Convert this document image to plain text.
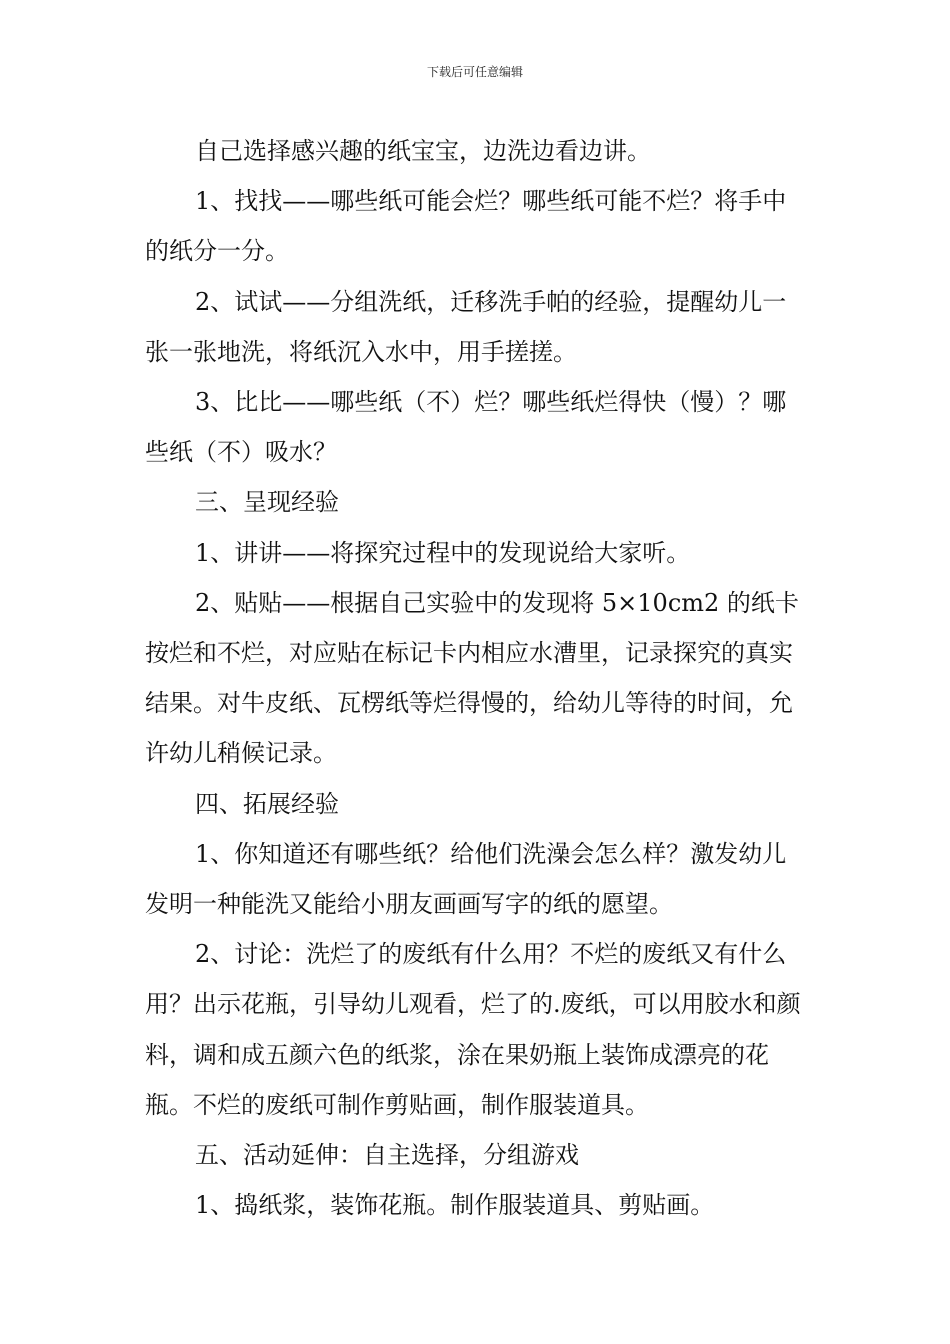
下载后可任意编辑

自己选择感兴趣的纸宝宝，边洗边看边讲。

1、找找——哪些纸可能会烂？哪些纸可能不烂？将手中的纸分一分。

2、试试——分组洗纸，迁移洗手帕的经验，提醒幼儿一张一张地洗，将纸沉入水中，用手搓搓。

3、比比——哪些纸（不）烂？哪些纸烂得快（慢）？哪些纸（不）吸水？

三、呈现经验

1、讲讲——将探究过程中的发现说给大家听。

2、贴贴——根据自己实验中的发现将 5×10cm2 的纸卡按烂和不烂，对应贴在标记卡内相应水漕里，记录探究的真实结果。对牛皮纸、瓦楞纸等烂得慢的，给幼儿等待的时间，允许幼儿稍候记录。

四、拓展经验

1、你知道还有哪些纸？给他们洗澡会怎么样？激发幼儿发明一种能洗又能给小朋友画画写字的纸的愿望。

2、讨论：洗烂了的废纸有什么用？不烂的废纸又有什么用？出示花瓶，引导幼儿观看，烂了的.废纸，可以用胶水和颜料，调和成五颜六色的纸浆，涂在果奶瓶上装饰成漂亮的花瓶。不烂的废纸可制作剪贴画，制作服装道具。

五、活动延伸：自主选择，分组游戏

1、捣纸浆，装饰花瓶。制作服装道具、剪贴画。
